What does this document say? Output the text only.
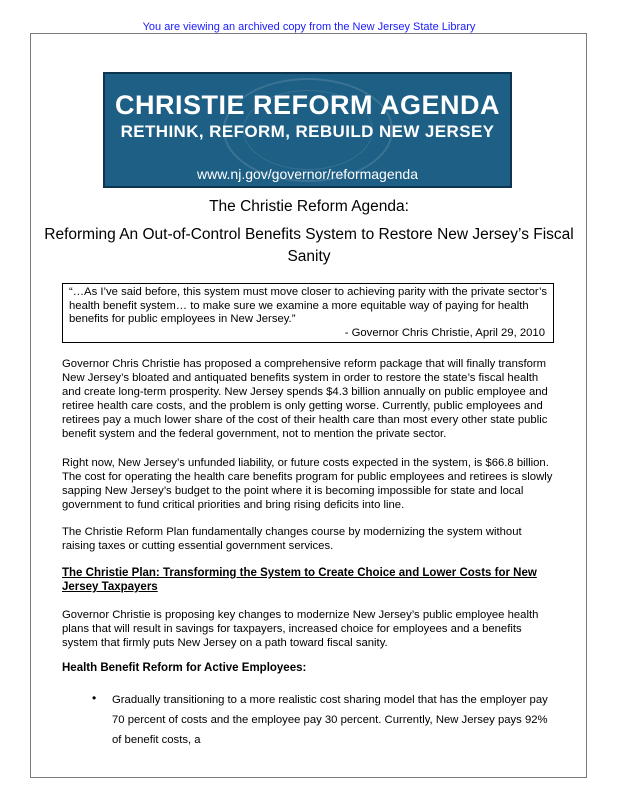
You are viewing an archived copy from the New Jersey State Library
CHRISTIE REFORM AGENDA
RETHINK, REFORM, REBUILD NEW JERSEY
www.nj.gov/governor/reformagenda
The Christie Reform Agenda:
Reforming An Out-of-Control Benefits System to Restore New Jersey’s Fiscal Sanity
“…As I’ve said before, this system must move closer to achieving parity with the private sector’s health benefit system… to make sure we examine a more equitable way of paying for health benefits for public employees in New Jersey.”
- Governor Chris Christie, April 29, 2010

Governor Chris Christie has proposed a comprehensive reform package that will finally transform New Jersey’s bloated and antiquated benefits system in order to restore the state’s fiscal health and create long-term prosperity. New Jersey spends $4.3 billion annually on public employee and retiree health care costs, and the problem is only getting worse. Currently, public employees and retirees pay a much lower share of the cost of their health care than most every other state public benefit system and the federal government, not to mention the private sector.

Right now, New Jersey’s unfunded liability, or future costs expected in the system, is $66.8 billion. The cost for operating the health care benefits program for public employees and retirees is slowly sapping New Jersey’s budget to the point where it is becoming impossible for state and local government to fund critical priorities and bring rising deficits into line.

The Christie Reform Plan fundamentally changes course by modernizing the system without raising taxes or cutting essential government services.

The Christie Plan: Transforming the System to Create Choice and Lower Costs for New Jersey Taxpayers

Governor Christie is proposing key changes to modernize New Jersey’s public employee health plans that will result in savings for taxpayers, increased choice for employees and a benefits system that firmly puts New Jersey on a path toward fiscal sanity.

Health Benefit Reform for Active Employees:
• Gradually transitioning to a more realistic cost sharing model that has the employer pay 70 percent of costs and the employee pay 30 percent. Currently, New Jersey pays 92% of benefit costs, a
